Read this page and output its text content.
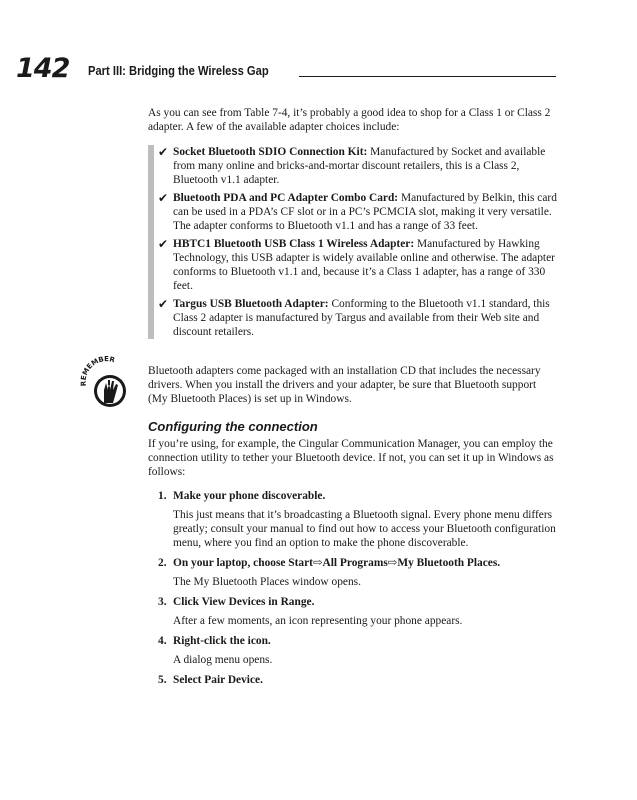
142 Part III: Bridging the Wireless Gap

As you can see from Table 7-4, it’s probably a good idea to shop for a Class 1 or Class 2 adapter. A few of the available adapter choices include:

✔ Socket Bluetooth SDIO Connection Kit: Manufactured by Socket and available from many online and bricks-and-mortar discount retailers, this is a Class 2, Bluetooth v1.1 adapter.
✔ Bluetooth PDA and PC Adapter Combo Card: Manufactured by Belkin, this card can be used in a PDA’s CF slot or in a PC’s PCMCIA slot, making it very versatile. The adapter conforms to Bluetooth v1.1 and has a range of 33 feet.
✔ HBTC1 Bluetooth USB Class 1 Wireless Adapter: Manufactured by Hawking Technology, this USB adapter is widely available online and otherwise. The adapter conforms to Bluetooth v1.1 and, because it’s a Class 1 adapter, has a range of 330 feet.
✔ Targus USB Bluetooth Adapter: Conforming to the Bluetooth v1.1 standard, this Class 2 adapter is manufactured by Targus and available from their Web site and discount retailers.
REMEMBER

Bluetooth adapters come packaged with an installation CD that includes the necessary drivers. When you install the drivers and your adapter, be sure that Bluetooth support (My Bluetooth Places) is set up in Windows.

Configuring the connection

If you’re using, for example, the Cingular Communication Manager, you can employ the connection utility to tether your Bluetooth device. If not, you can set it up in Windows as follows:

1. Make your phone discoverable.
This just means that it’s broadcasting a Bluetooth signal. Every phone menu differs greatly; consult your manual to find out how to access your Bluetooth configuration menu, where you find an option to make the phone discoverable.
2. On your laptop, choose Start⇨All Programs⇨My Bluetooth Places.
The My Bluetooth Places window opens.
3. Click View Devices in Range.
After a few moments, an icon representing your phone appears.
4. Right-click the icon.
A dialog menu opens.
5. Select Pair Device.
